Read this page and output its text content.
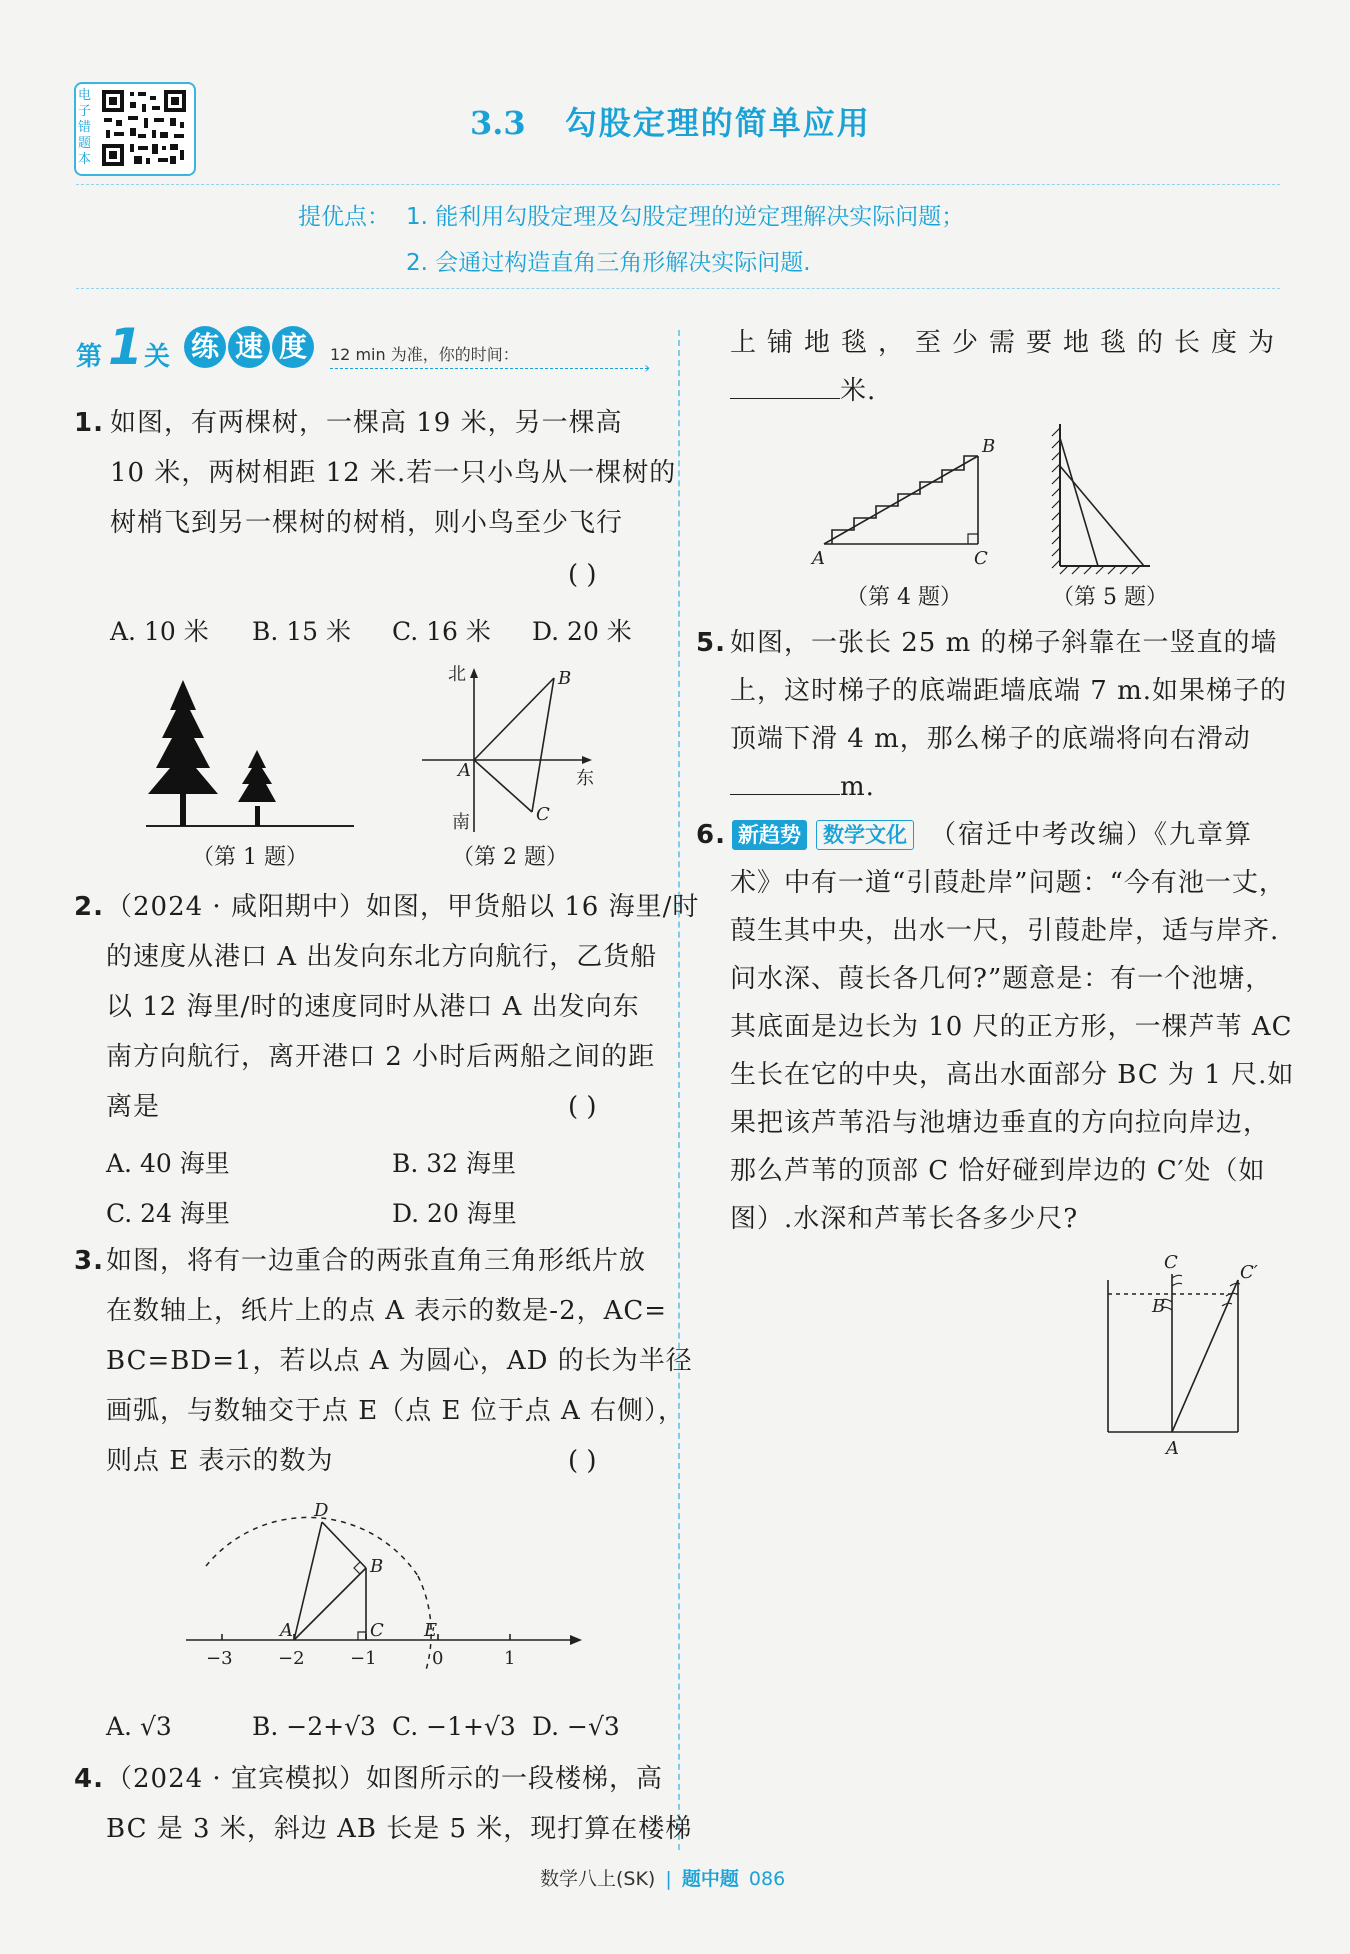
电子错题本
3.3 勾股定理的简单应用
提优点： 1. 能利用勾股定理及勾股定理的逆定理解决实际问题；
2. 会通过构造直角三角形解决实际问题.
第 1 关 练 速 度	12 min 为准，你的时间：
›
1. 如图，有两棵树，一棵高 19 米，另一棵高
10 米，两树相距 12 米.若一只小鸟从一棵树的
树梢飞到另一棵树的树梢，则小鸟至少飞行
( )
A. 10 米 B. 15 米 C. 16 米 D. 20 米
（第 1 题）
北
东
南
A
B
C
（第 2 题）
2. （2024 · 咸阳期中）如图，甲货船以 16 海里/时
的速度从港口 A 出发向东北方向航行，乙货船
以 12 海里/时的速度同时从港口 A 出发向东
南方向航行，离开港口 2 小时后两船之间的距
离是	( )
A. 40 海里	B. 32 海里
C. 24 海里	D. 20 海里
3. 如图，将有一边重合的两张直角三角形纸片放
在数轴上，纸片上的点 A 表示的数是-2，AC=
BC=BD=1，若以点 A 为圆心，AD 的长为半径
画弧，与数轴交于点 E（点 E 位于点 A 右侧），
则点 E 表示的数为	( )
−3	−2	−1	0	1
D
B
A	C E
A. √3	B. −2+√3 C. −1+√3 D. −√3
4. （2024 · 宜宾模拟）如图所示的一段楼梯，高
BC 是 3 米，斜边 AB 长是 5 米，现打算在楼梯
上铺地毯，至少需要地毯的长度为
米.
A
B
C
（第 4 题）	（第 5 题）
5. 如图，一张长 25 m 的梯子斜靠在一竖直的墙
上，这时梯子的底端距墙底端 7 m.如果梯子的
顶端下滑 4 m，那么梯子的底端将向右滑动
m.
6. 新趋势	数学文化 （宿迁中考改编）《九章算
术》中有一道“引葭赴岸”问题：“今有池一丈，
葭生其中央，出水一尺，引葭赴岸，适与岸齐.
问水深、葭长各几何?”题意是：有一个池塘，
其底面是边长为 10 尺的正方形，一棵芦苇 AC
生长在它的中央，高出水面部分 BC 为 1 尺.如
果把该芦苇沿与池塘边垂直的方向拉向岸边，
那么芦苇的顶部 C 恰好碰到岸边的 C′处（如
图）.水深和芦苇长各多少尺?
C	C′
B
A
数学八上(SK) | 题中题 086
